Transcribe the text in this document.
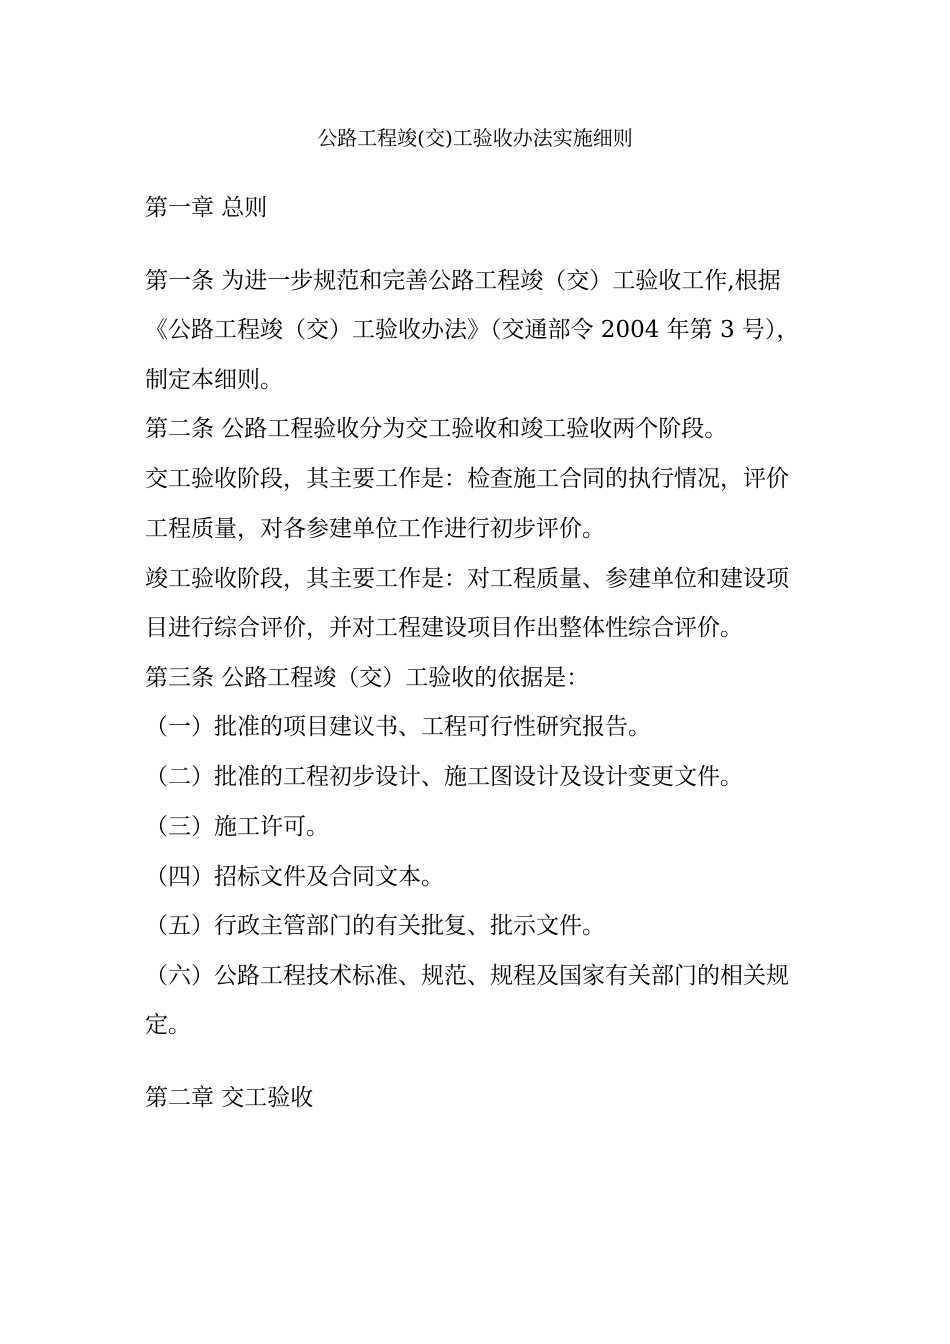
公路工程竣(交)工验收办法实施细则
第一章 总则
第一条 为进一步规范和完善公路工程竣（交）工验收工作,根据
《公路工程竣（交）工验收办法》（交通部令 2004 年第 3 号），
制定本细则。
第二条 公路工程验收分为交工验收和竣工验收两个阶段。
交工验收阶段，其主要工作是：检查施工合同的执行情况，评价
工程质量，对各参建单位工作进行初步评价。
竣工验收阶段，其主要工作是：对工程质量、参建单位和建设项
目进行综合评价，并对工程建设项目作出整体性综合评价。
第三条 公路工程竣（交）工验收的依据是：
（一）批准的项目建议书、工程可行性研究报告。
（二）批准的工程初步设计、施工图设计及设计变更文件。
（三）施工许可。
（四）招标文件及合同文本。
（五）行政主管部门的有关批复、批示文件。
（六）公路工程技术标准、规范、规程及国家有关部门的相关规
定。
第二章 交工验收
